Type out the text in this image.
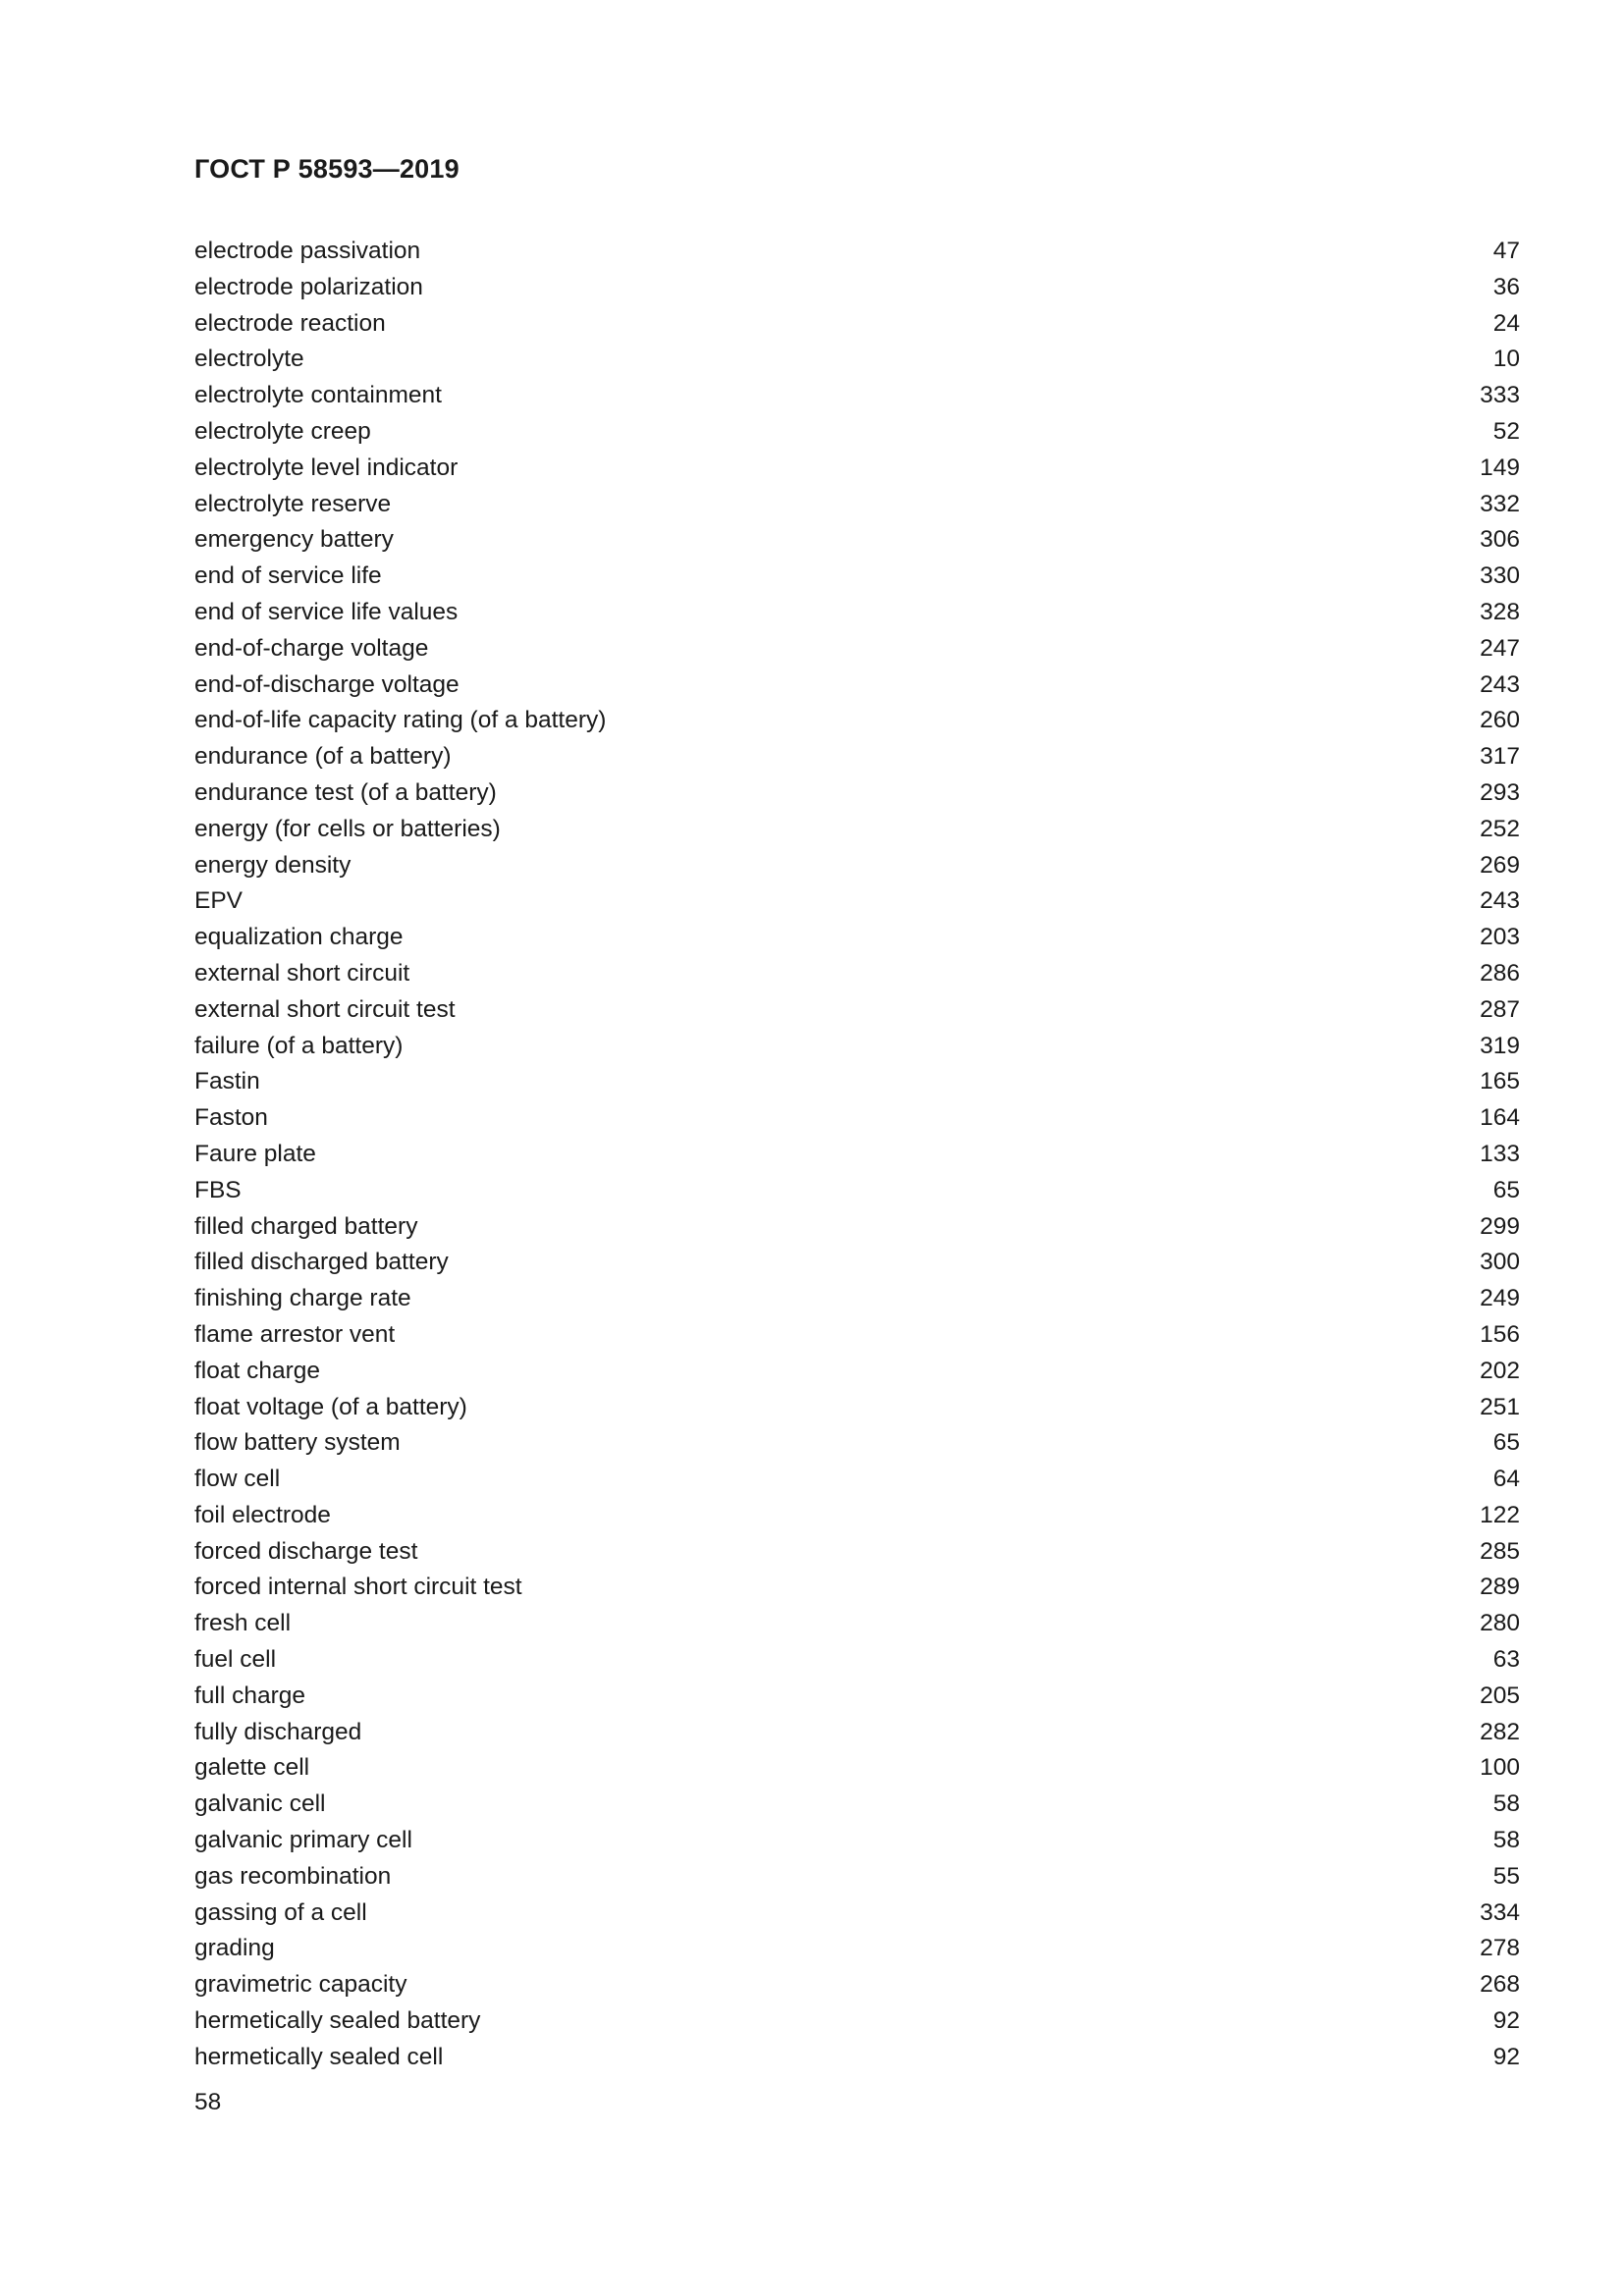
ГОСТ Р 58593—2019
electrode passivation	47
electrode polarization	36
electrode reaction	24
electrolyte	10
electrolyte containment	333
electrolyte creep	52
electrolyte level indicator	149
electrolyte reserve	332
emergency battery	306
end of service life	330
end of service life values	328
end-of-charge voltage	247
end-of-discharge voltage	243
end-of-life capacity rating (of a battery)	260
endurance (of a battery)	317
endurance test (of a battery)	293
energy (for cells or batteries)	252
energy density	269
EPV	243
equalization charge	203
external short circuit	286
external short circuit test	287
failure (of a battery)	319
Fastin	165
Faston	164
Faure plate	133
FBS	65
filled charged battery	299
filled discharged battery	300
finishing charge rate	249
flame arrestor vent	156
float charge	202
float voltage (of a battery)	251
flow battery system	65
flow cell	64
foil electrode	122
forced discharge test	285
forced internal short circuit test	289
fresh cell	280
fuel cell	63
full charge	205
fully discharged	282
galette cell	100
galvanic cell	58
galvanic primary cell	58
gas recombination	55
gassing of a cell	334
grading	278
gravimetric capacity	268
hermetically sealed battery	92
hermetically sealed cell	92
58
